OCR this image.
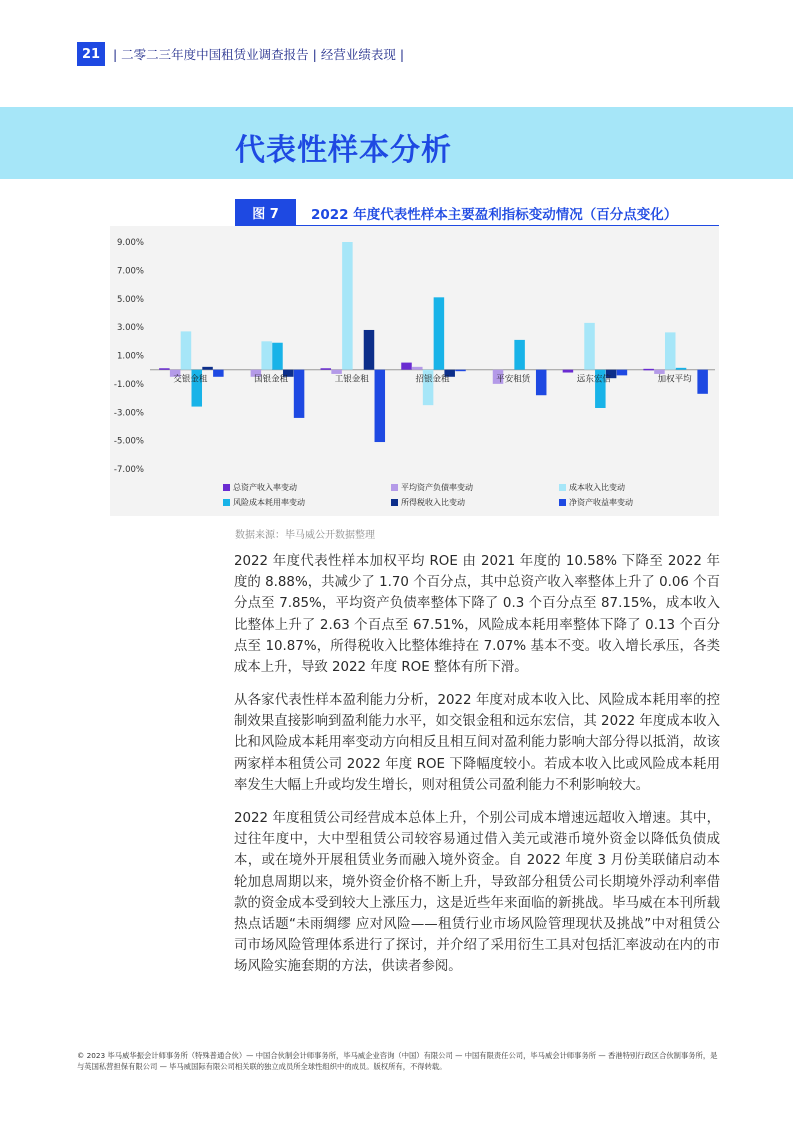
21	| 二零二三年度中国租赁业调查报告 | 经营业绩表现 |
代表性样本分析
图 7	2022 年度代表性样本主要盈利指标变动情况（百分点变化）
9.00%
7.00%
5.00%
3.00%
1.00%
-1.00%
-3.00%
-5.00%
-7.00%
交银金租	国银金租	工银金租	招银金租	平安租赁	远东宏信	加权平均
总资产收入率变动	平均资产负债率变动	成本收入比变动
风险成本耗用率变动	所得税收入比变动	净资产收益率变动
数据来源：毕马威公开数据整理

2022 年度代表性样本加权平均 ROE 由 2021 年度的 10.58% 下降至 2022 年度的 8.88%，共减少了 1.70 个百分点，其中总资产收入率整体上升了 0.06 个百分点至 7.85%，平均资产负债率整体下降了 0.3 个百分点至 87.15%，成本收入比整体上升了 2.63 个百点至 67.51%，风险成本耗用率整体下降了 0.13 个百分点至 10.87%，所得税收入比整体维持在 7.07% 基本不变。收入增长承压，各类成本上升，导致 2022 年度 ROE 整体有所下滑。

从各家代表性样本盈利能力分析，2022 年度对成本收入比、风险成本耗用率的控制效果直接影响到盈利能力水平，如交银金租和远东宏信，其 2022 年度成本收入比和风险成本耗用率变动方向相反且相互间对盈利能力影响大部分得以抵消，故该两家样本租赁公司 2022 年度 ROE 下降幅度较小。若成本收入比或风险成本耗用率发生大幅上升或均发生增长，则对租赁公司盈利能力不利影响较大。

2022 年度租赁公司经营成本总体上升，个别公司成本增速远超收入增速。其中，过往年度中，大中型租赁公司较容易通过借入美元或港币境外资金以降低负债成本，或在境外开展租赁业务而融入境外资金。自 2022 年度 3 月份美联储启动本轮加息周期以来，境外资金价格不断上升，导致部分租赁公司长期境外浮动利率借款的资金成本受到较大上涨压力，这是近些年来面临的新挑战。毕马威在本刊所载热点话题“未雨绸缪 应对风险——租赁行业市场风险管理现状及挑战”中对租赁公司市场风险管理体系进行了探讨，并介绍了采用衍生工具对包括汇率波动在内的市场风险实施套期的方法，供读者参阅。

© 2023 毕马威华振会计师事务所（特殊普通合伙）— 中国合伙制会计师事务所，毕马威企业咨询（中国）有限公司 — 中国有限责任公司，毕马威会计师事务所 — 香港特别行政区合伙制事务所，是与英国私营担保有限公司 — 毕马威国际有限公司相关联的独立成员所全球性组织中的成员。版权所有，不得转载。
